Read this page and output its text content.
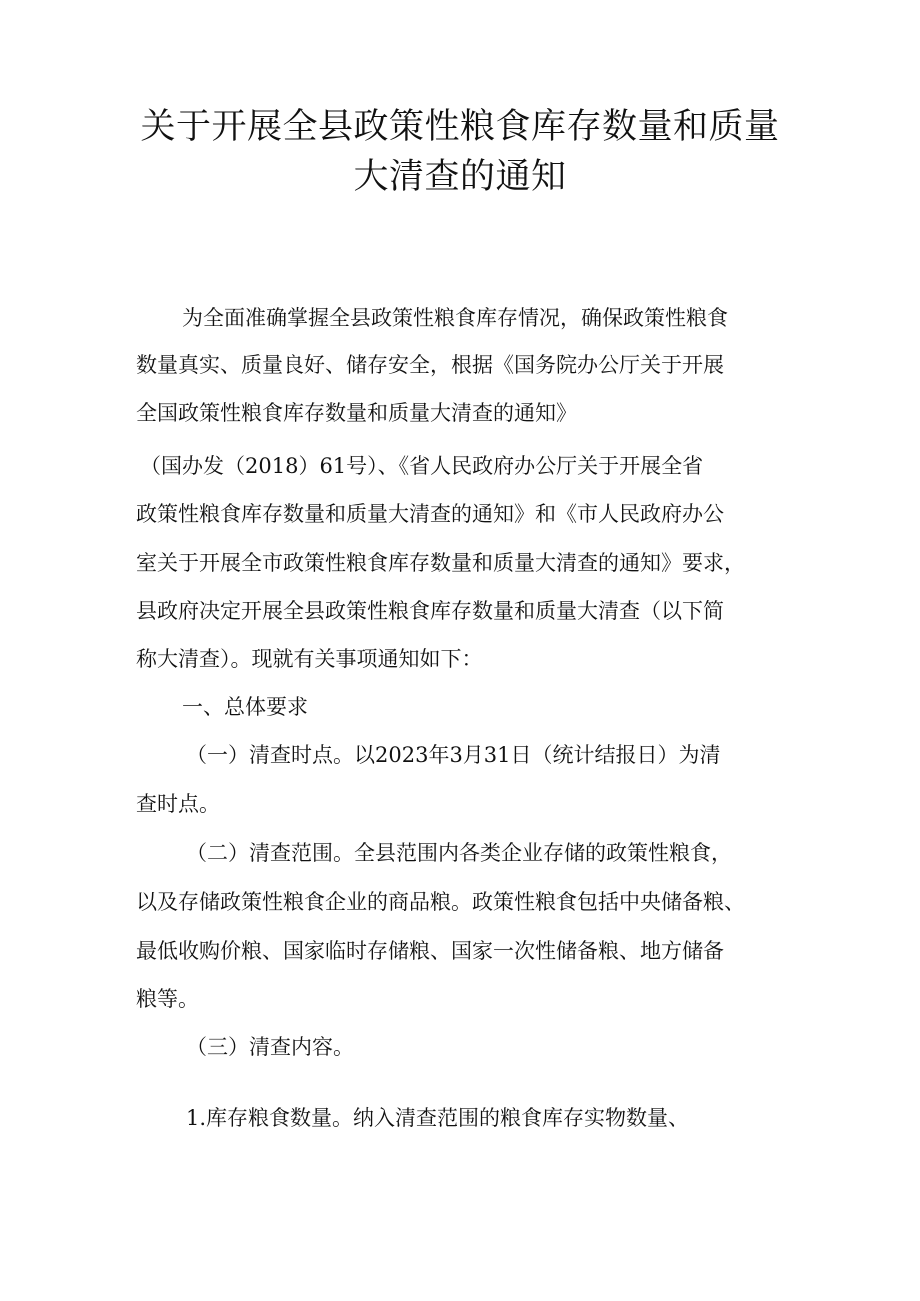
关于开展全县政策性粮食库存数量和质量
大清查的通知

为全面准确掌握全县政策性粮食库存情况，确保政策性粮食

数量真实、质量良好、储存安全，根据《国务院办公厅关于开展

全国政策性粮食库存数量和质量大清查的通知》

（国办发（2018）61号）、《省人民政府办公厅关于开展全省

政策性粮食库存数量和质量大清查的通知》和《市人民政府办公

室关于开展全市政策性粮食库存数量和质量大清查的通知》要求，

县政府决定开展全县政策性粮食库存数量和质量大清查（以下简

称大清查）。现就有关事项通知如下：

一、总体要求

（一）清查时点。以2023年3月31日（统计结报日）为清

查时点。

（二）清查范围。全县范围内各类企业存储的政策性粮食，

以及存储政策性粮食企业的商品粮。政策性粮食包括中央储备粮、

最低收购价粮、国家临时存储粮、国家一次性储备粮、地方储备

粮等。

（三）清查内容。

1.库存粮食数量。纳入清查范围的粮食库存实物数量、
